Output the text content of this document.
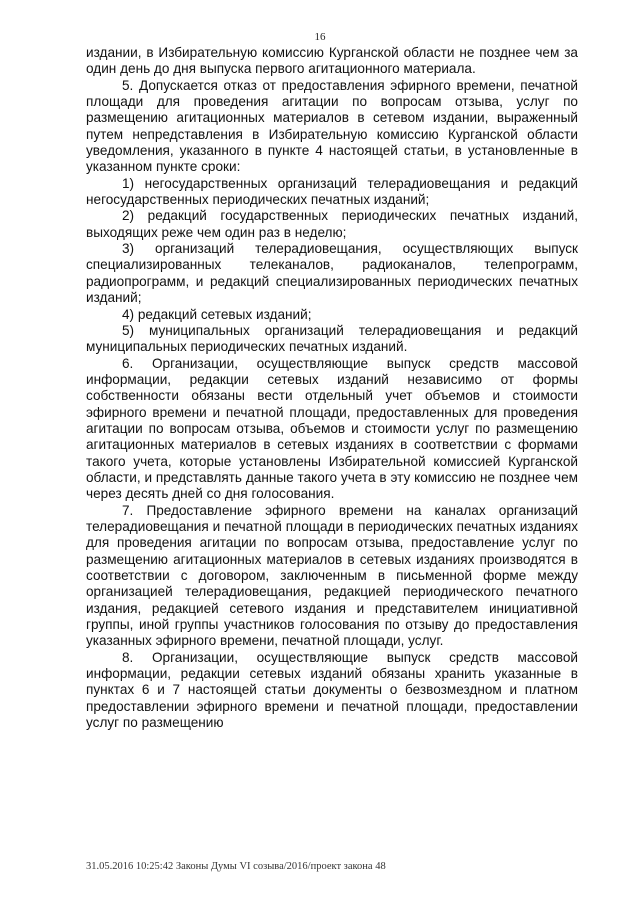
16

издании, в Избирательную комиссию Курганской области не позднее чем за один день до дня выпуска первого агитационного материала.

5. Допускается отказ от предоставления эфирного времени, печатной площади для проведения агитации по вопросам отзыва, услуг по размещению агитационных материалов в сетевом издании, выраженный путем непредставления в Избирательную комиссию Курганской области уведомления, указанного в пункте 4 настоящей статьи, в установленные в указанном пункте сроки:

1) негосударственных организаций телерадиовещания и редакций негосударственных периодических печатных изданий;

2) редакций государственных периодических печатных изданий, выходящих реже чем один раз в неделю;

3) организаций телерадиовещания, осуществляющих выпуск специализированных телеканалов, радиоканалов, телепрограмм, радиопрограмм, и редакций специализированных периодических печатных изданий;

4) редакций сетевых изданий;

5) муниципальных организаций телерадиовещания и редакций муниципальных периодических печатных изданий.

6. Организации, осуществляющие выпуск средств массовой информации, редакции сетевых изданий независимо от формы собственности обязаны вести отдельный учет объемов и стоимости эфирного времени и печатной площади, предоставленных для проведения агитации по вопросам отзыва, объемов и стоимости услуг по размещению агитационных материалов в сетевых изданиях в соответствии с формами такого учета, которые установлены Избирательной комиссией Курганской области, и представлять данные такого учета в эту комиссию не позднее чем через десять дней со дня голосования.

7. Предоставление эфирного времени на каналах организаций телерадиовещания и печатной площади в периодических печатных изданиях для проведения агитации по вопросам отзыва, предоставление услуг по размещению агитационных материалов в сетевых изданиях производятся в соответствии с договором, заключенным в письменной форме между организацией телерадиовещания, редакцией периодического печатного издания, редакцией сетевого издания и представителем инициативной группы, иной группы участников голосования по отзыву до предоставления указанных эфирного времени, печатной площади, услуг.

8. Организации, осуществляющие выпуск средств массовой информации, редакции сетевых изданий обязаны хранить указанные в пунктах 6 и 7 настоящей статьи документы о безвозмездном и платном предоставлении эфирного времени и печатной площади, предоставлении услуг по размещению

31.05.2016 10:25:42 Законы Думы VI созыва/2016/проект закона 48
